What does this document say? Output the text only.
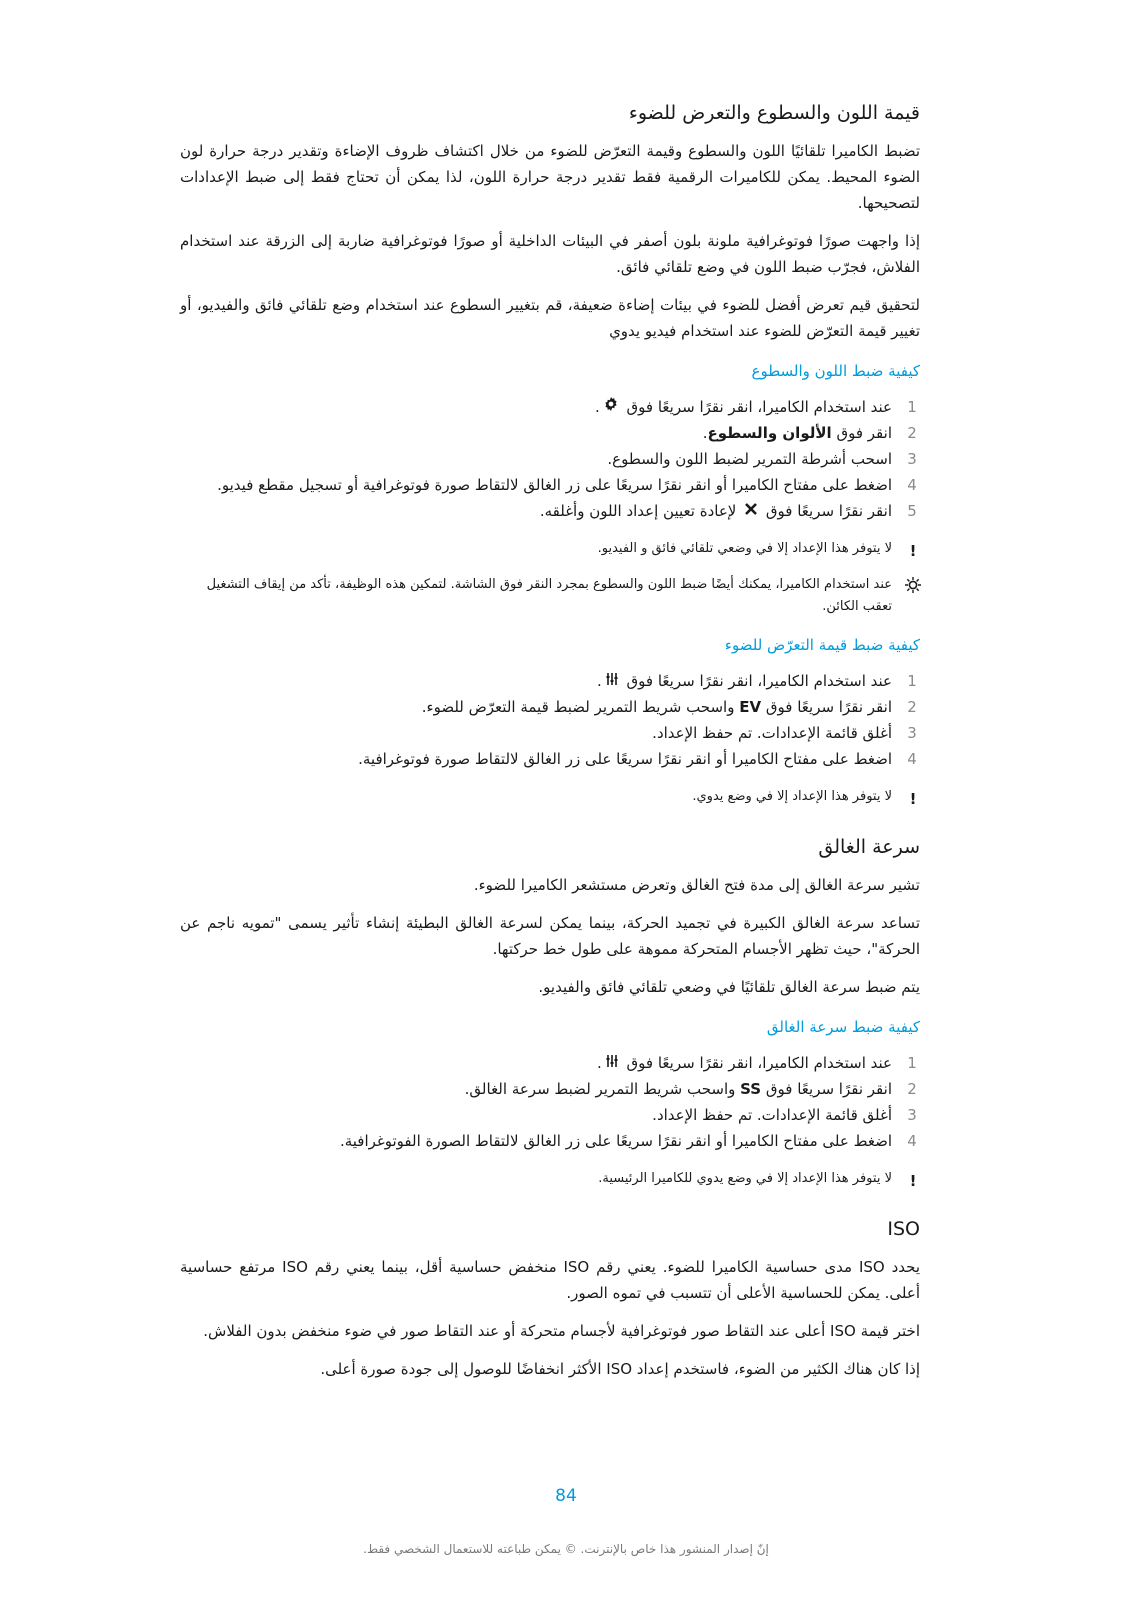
قيمة اللون والسطوع والتعرض للضوء

تضبط الكاميرا تلقائيًا اللون والسطوع وقيمة التعرّض للضوء من خلال اكتشاف ظروف الإضاءة وتقدير درجة حرارة لون الضوء المحيط. يمكن للكاميرات الرقمية فقط تقدير درجة حرارة اللون، لذا يمكن أن تحتاج فقط إلى ضبط الإعدادات لتصحيحها.

إذا واجهت صورًا فوتوغرافية ملونة بلون أصفر في البيئات الداخلية أو صورًا فوتوغرافية ضاربة إلى الزرقة عند استخدام الفلاش، فجرّب ضبط اللون في وضع تلقائي فائق.

لتحقيق قيم تعرض أفضل للضوء في بيئات إضاءة ضعيفة، قم بتغيير السطوع عند استخدام وضع تلقائي فائق والفيديو، أو تغيير قيمة التعرّض للضوء عند استخدام فيديو يدوي

كيفية ضبط اللون والسطوع
1
عند استخدام الكاميرا، انقر نقرًا سريعًا فوق .
2
انقر فوق الألوان والسطوع.
3
اسحب أشرطة التمرير لضبط اللون والسطوع.
4
اضغط على مفتاح الكاميرا أو انقر نقرًا سريعًا على زر الغالق لالتقاط صورة فوتوغرافية أو تسجيل مقطع فيديو.
5
انقر نقرًا سريعًا فوق  لإعادة تعيين إعداد اللون وأغلقه.
!
لا يتوفر هذا الإعداد إلا في وضعي تلقائي فائق و الفيديو.
عند استخدام الكاميرا، يمكنك أيضًا ضبط اللون والسطوع بمجرد النقر فوق الشاشة. لتمكين هذه الوظيفة، تأكد من إيقاف التشغيل تعقب الكائن.
كيفية ضبط قيمة التعرّض للضوء
1
عند استخدام الكاميرا، انقر نقرًا سريعًا فوق .
2
انقر نقرًا سريعًا فوق EV واسحب شريط التمرير لضبط قيمة التعرّض للضوء.
3
أغلق قائمة الإعدادات. تم حفظ الإعداد.
4
اضغط على مفتاح الكاميرا أو انقر نقرًا سريعًا على زر الغالق لالتقاط صورة فوتوغرافية.
!
لا يتوفر هذا الإعداد إلا في وضع يدوي.
سرعة الغالق

تشير سرعة الغالق إلى مدة فتح الغالق وتعرض مستشعر الكاميرا للضوء.

تساعد سرعة الغالق الكبيرة في تجميد الحركة، بينما يمكن لسرعة الغالق البطيئة إنشاء تأثير يسمى "تمويه ناجم عن الحركة"، حيث تظهر الأجسام المتحركة مموهة على طول خط حركتها.

يتم ضبط سرعة الغالق تلقائيًا في وضعي تلقائي فائق والفيديو.

كيفية ضبط سرعة الغالق
1
عند استخدام الكاميرا، انقر نقرًا سريعًا فوق .
2
انقر نقرًا سريعًا فوق SS واسحب شريط التمرير لضبط سرعة الغالق.
3
أغلق قائمة الإعدادات. تم حفظ الإعداد.
4
اضغط على مفتاح الكاميرا أو انقر نقرًا سريعًا على زر الغالق لالتقاط الصورة الفوتوغرافية.
!
لا يتوفر هذا الإعداد إلا في وضع يدوي للكاميرا الرئيسية.
ISO

يحدد ISO مدى حساسية الكاميرا للضوء. يعني رقم ISO منخفض حساسية أقل، بينما يعني رقم ISO مرتفع حساسية أعلى. يمكن للحساسية الأعلى أن تتسبب في تموه الصور.

اختر قيمة ISO أعلى عند التقاط صور فوتوغرافية لأجسام متحركة أو عند التقاط صور في ضوء منخفض بدون الفلاش.

إذا كان هناك الكثير من الضوء، فاستخدم إعداد ISO الأكثر انخفاضًا للوصول إلى جودة صورة أعلى.

84
إنّ إصدار المنشور هذا خاص بالإنترنت. © يمكن طباعته للاستعمال الشخصي فقط.
